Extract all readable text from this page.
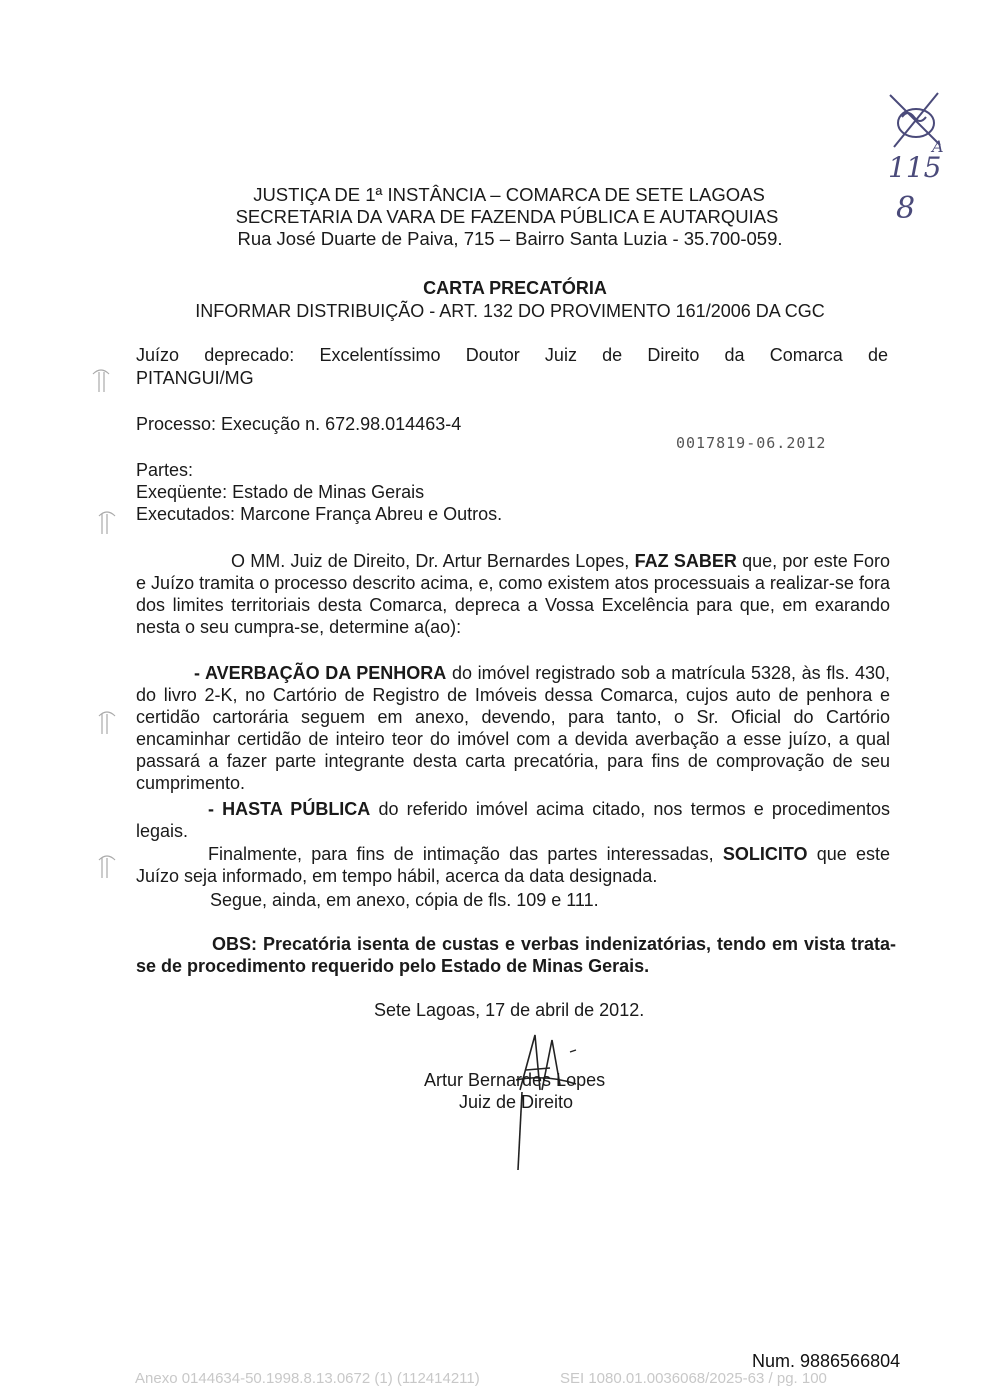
115
A
8
JUSTIÇA DE 1ª INSTÂNCIA – COMARCA DE SETE LAGOAS
SECRETARIA DA VARA DE FAZENDA PÚBLICA E AUTARQUIAS
Rua José Duarte de Paiva, 715 – Bairro Santa Luzia - 35.700-059.
CARTA PRECATÓRIA
INFORMAR DISTRIBUIÇÃO - ART. 132 DO PROVIMENTO 161/2006 DA CGC
Juízo deprecado: Excelentíssimo Doutor Juiz de Direito da Comarca de
PITANGUI/MG
Processo: Execução n. 672.98.014463-4
0017819-06.2012
Partes:
Exeqüente: Estado de Minas Gerais
Executados: Marcone França Abreu e Outros.
O MM. Juiz de Direito, Dr. Artur Bernardes Lopes, FAZ SABER que, por este Foro e Juízo tramita o processo descrito acima, e, como existem atos processuais a realizar-se fora dos limites territoriais desta Comarca, depreca a Vossa Excelência para que, em exarando nesta o seu cumpra-se, determine a(ao):
- AVERBAÇÃO DA PENHORA do imóvel registrado sob a matrícula 5328, às fls. 430, do livro 2-K, no Cartório de Registro de Imóveis dessa Comarca, cujos auto de penhora e certidão cartorária seguem em anexo, devendo, para tanto, o Sr. Oficial do Cartório encaminhar certidão de inteiro teor do imóvel com a devida averbação a esse juízo, a qual passará a fazer parte integrante desta carta precatória, para fins de comprovação de seu cumprimento.
- HASTA PÚBLICA do referido imóvel acima citado, nos termos e procedimentos legais.
Finalmente, para fins de intimação das partes interessadas, SOLICITO que este Juízo seja informado, em tempo hábil, acerca da data designada.
Segue, ainda, em anexo, cópia de fls. 109 e 111.
OBS: Precatória isenta de custas e verbas indenizatórias, tendo em vista trata-se de procedimento requerido pelo Estado de Minas Gerais.
Sete Lagoas, 17 de abril de 2012.
Artur Bernardes Lopes
Juiz de Direito
Num. 9886566804
Anexo 0144634-50.1998.8.13.0672 (1) (112414211)	SEI 1080.01.0036068/2025-63 / pg. 100
